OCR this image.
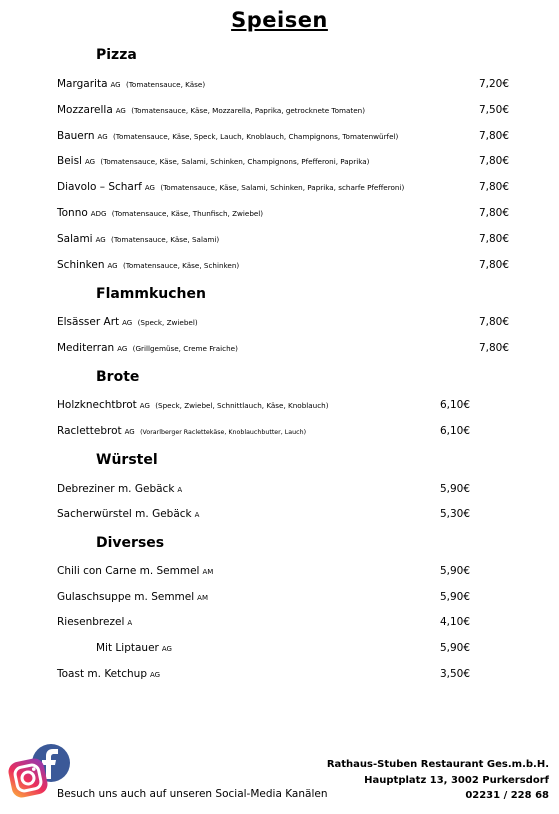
Speisen
Pizza
Margarita AG (Tomatensauce, Käse)	7,20€
Mozzarella AG (Tomatensauce, Käse, Mozzarella, Paprika, getrocknete Tomaten)	7,50€
Bauern AG (Tomatensauce, Käse, Speck, Lauch, Knoblauch, Champignons, Tomatenwürfel)	7,80€
Beisl AG (Tomatensauce, Käse, Salami, Schinken, Champignons, Pfefferoni, Paprika)	7,80€
Diavolo – Scharf AG (Tomatensauce, Käse, Salami, Schinken, Paprika, scharfe Pfefferoni)	7,80€
Tonno ADG (Tomatensauce, Käse, Thunfisch, Zwiebel)	7,80€
Salami AG (Tomatensauce, Käse, Salami)	7,80€
Schinken AG (Tomatensauce, Käse, Schinken)	7,80€
Flammkuchen
Elsässer Art AG (Speck, Zwiebel)	7,80€
Mediterran AG (Grillgemüse, Creme Fraiche)	7,80€
Brote
Holzknechtbrot AG (Speck, Zwiebel, Schnittlauch, Käse, Knoblauch)	6,10€
Raclettebrot AG (Vorarlberger Raclettekäse, Knoblauchbutter, Lauch)	6,10€
Würstel
Debreziner m. Gebäck A	5,90€
Sacherwürstel m. Gebäck A	5,30€
Diverses
Chili con Carne m. Semmel AM	5,90€
Gulaschsuppe m. Semmel AM	5,90€
Riesenbrezel A	4,10€
Mit Liptauer AG	5,90€
Toast m. Ketchup AG	3,50€
Besuch uns auch auf unseren Social-Media Kanälen
Rathaus-Stuben Restaurant Ges.m.b.H.
Hauptplatz 13, 3002 Purkersdorf
02231 / 228 68
